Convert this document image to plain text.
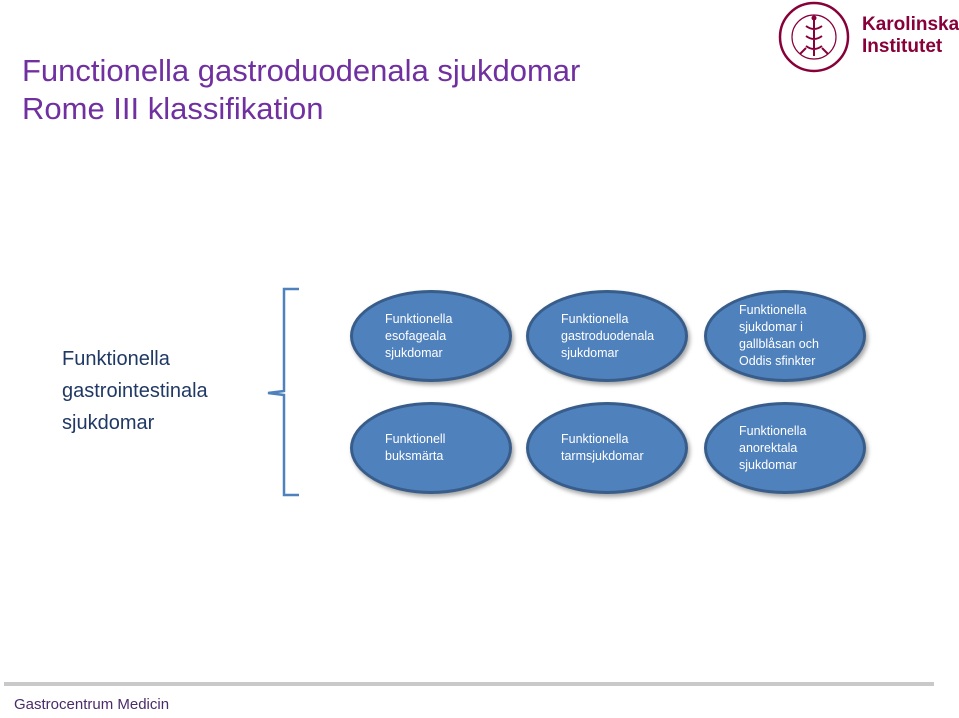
Functionella gastroduodenala sjukdomar
Rome III klassifikation
Karolinska
Institutet
Funktionella
gastrointestinala
sjukdomar
Funktionella
esofageala
sjukdomar
Funktionella
gastroduodenala
sjukdomar
Funktionella
sjukdomar i
gallblåsan och
Oddis sfinkter
Funktionell
buksmärta
Funktionella
tarmsjukdomar
Funktionella
anorektala
sjukdomar
Gastrocentrum Medicin
